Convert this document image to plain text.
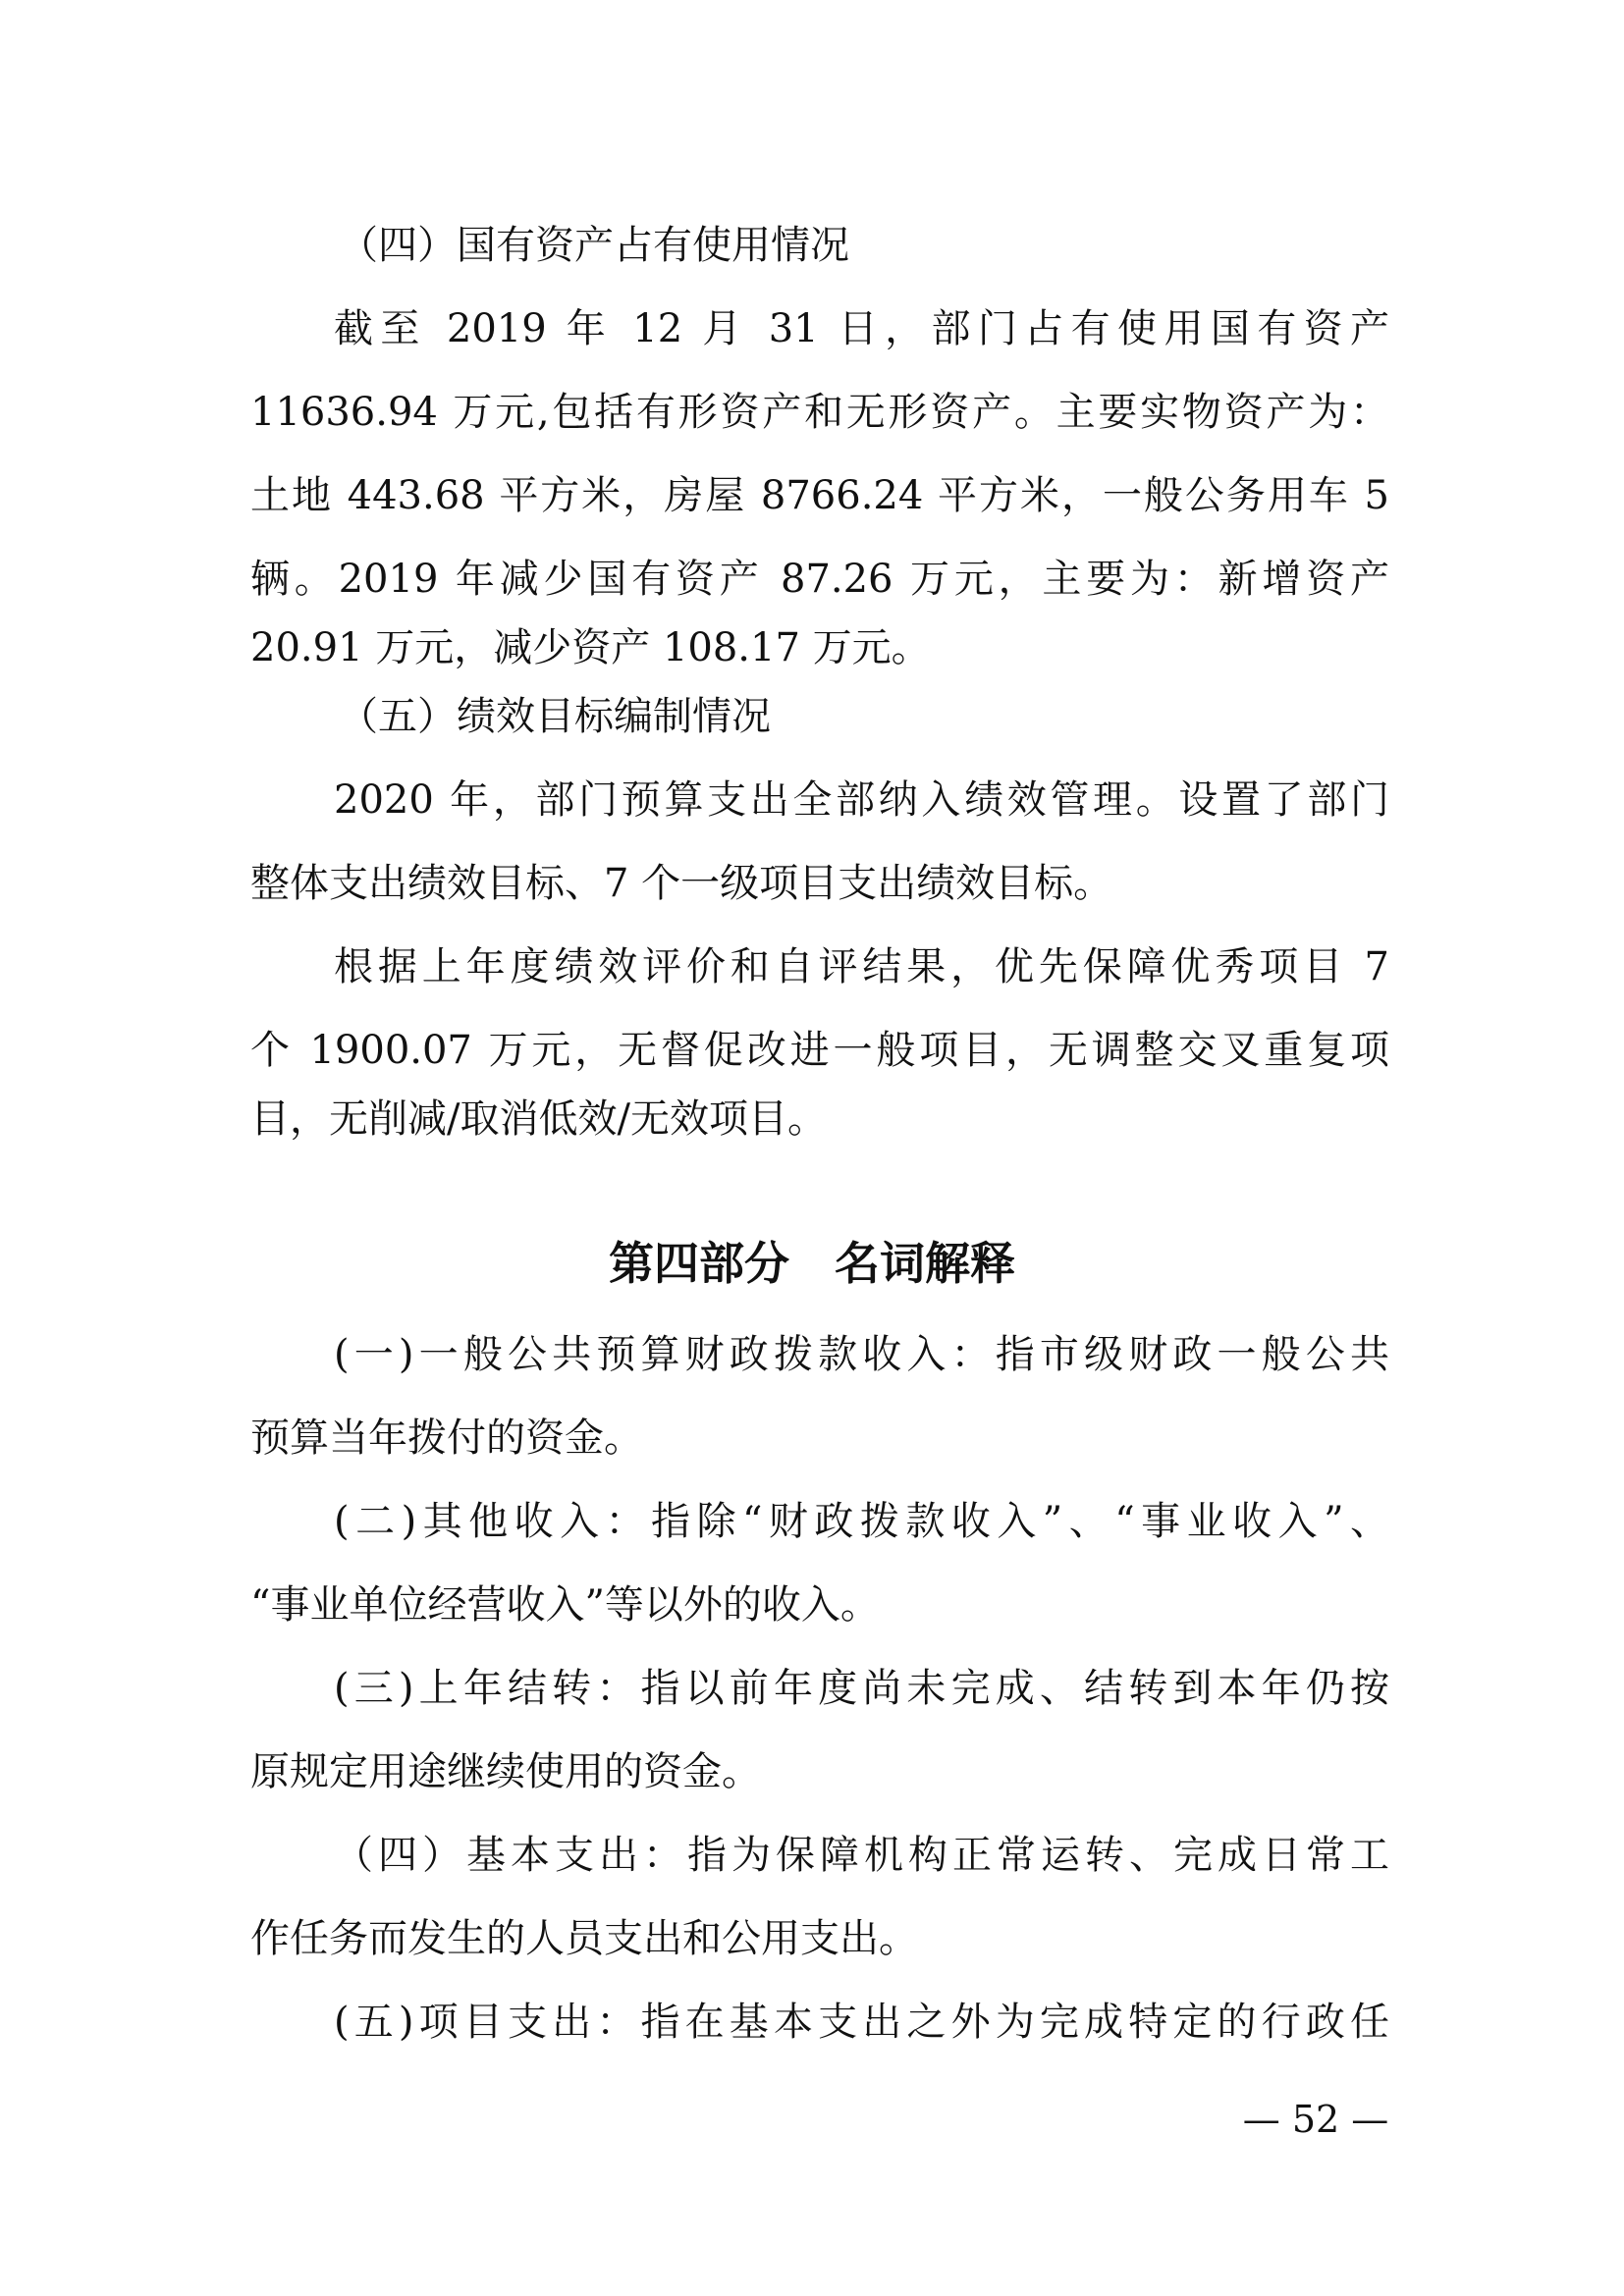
（四）国有资产占有使用情况
截至 2019 年 12 月 31 日，部门占有使用国有资产
11636.94 万元,包括有形资产和无形资产。主要实物资产为：
土地 443.68 平方米，房屋 8766.24 平方米，一般公务用车 5
辆。2019 年减少国有资产 87.26 万元，主要为：新增资产
20.91 万元，减少资产 108.17 万元。
（五）绩效目标编制情况
2020 年，部门预算支出全部纳入绩效管理。设置了部门
整体支出绩效目标、7 个一级项目支出绩效目标。
根据上年度绩效评价和自评结果，优先保障优秀项目 7
个 1900.07 万元，无督促改进一般项目，无调整交叉重复项
目，无削减/取消低效/无效项目。
第四部分　名词解释
(一)一般公共预算财政拨款收入：指市级财政一般公共
预算当年拨付的资金。
(二)其他收入：指除“财政拨款收入”、“事业收入”、
“事业单位经营收入”等以外的收入。
(三)上年结转：指以前年度尚未完成、结转到本年仍按
原规定用途继续使用的资金。
（四）基本支出：指为保障机构正常运转、完成日常工
作任务而发生的人员支出和公用支出。
(五)项目支出：指在基本支出之外为完成特定的行政任
— 52 —
